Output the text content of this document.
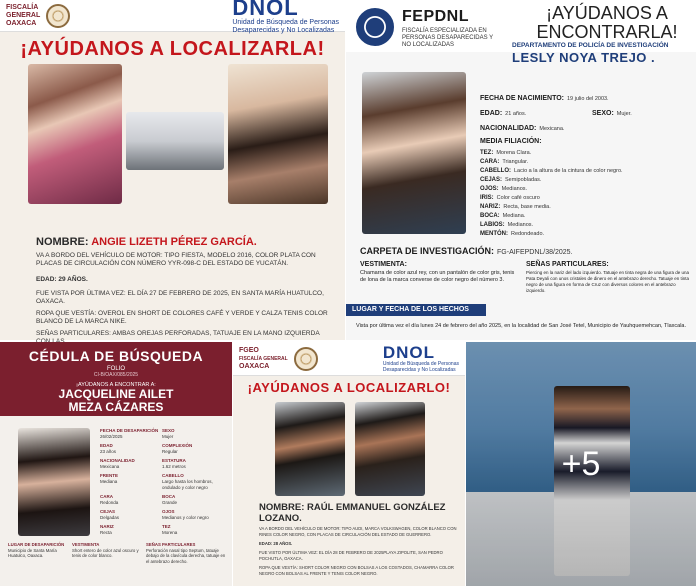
FISCALÍA
GENERAL
OAXACA
DNOL
Unidad de Búsqueda de Personas
Desaparecidas y No Localizadas
¡AYÚDANOS A LOCALIZARLA!
NOMBRE: ANGIE LIZETH PÉREZ GARCÍA.
VA A BORDO DEL VEHÍCULO DE MOTOR: TIPO FIESTA, MODELO 2016, COLOR PLATA CON PLACAS DE CIRCULACIÓN CON NÚMERO YYR-098-C DEL ESTADO DE YUCATÁN.
EDAD: 29 AÑOS.
FUE VISTA POR ÚLTIMA VEZ: EL DÍA 27 DE FEBRERO DE 2025, EN SANTA MARÍA HUATULCO, OAXACA.
ROPA QUE VESTÍA: OVEROL EN SHORT DE COLORES CAFÉ Y VERDE Y CALZA TENIS COLOR BLANCO DE LA MARCA NIKE.
SEÑAS PARTICULARES: AMBAS OREJAS PERFORADAS, TATUAJE EN LA MANO IZQUIERDA
FEPDNL
FISCALÍA ESPECIALIZADA EN PERSONAS DESAPARECIDAS Y NO LOCALIZADAS
¡AYÚDANOS A ENCONTRARLA!
DEPARTAMENTO DE POLICÍA DE INVESTIGACIÓN
LESLY NOYA TREJO .
FECHA DE NACIMIENTO: 19 julio del 2003.
EDAD: 21 años.	SEXO: Mujer.
NACIONALIDAD: Mexicana.
MEDIA FILIACIÓN:
TEZ: Morena Clara.
CARA: Triangular.
CABELLO: Lacio a la altura de la cintura de color negro.
CEJAS: Semipobladas.
OJOS: Medianos.
IRIS: Color café oscuro
NARIZ: Recta, base media.
BOCA: Mediana.
LABIOS: Medianos.
MENTÓN: Redondeado.
CARPETA DE INVESTIGACIÓN: FG-AIFEPDNL/38/2025.
VESTIMENTA:
Chamarra de color azul rey, con un pantalón de color gris, tenis de lona de la marca converse de color negro del número 3.
SEÑAS PARTICULARES:
Piercing en la nariz del lado izquierdo. Tatuaje en tinta negra de una figura de una Pata Deyali con unos cristales de dinero en el antebrazo derecho. Tatuaje en tinta negro de una figura en forma de Cruz con diversos colores en el antebrazo izquierdo.
LUGAR Y FECHA DE LOS HECHOS
Vista por última vez el día lunes 24 de febrero del año 2025, en la localidad de San José Tetel, Municipio de Yauhquemehcan, Tlaxcala.
CÉDULA DE BÚSQUEDA
FOLIO
CI-B/OAX/085/2025
¡AYÚDANOS A ENCONTRAR A:
JACQUELINE AILET
MEZA CÁZARES
FECHA DE DESAPARICIÓN
26/02/2025
SEXO
Mujer
EDAD
23 años
COMPLEXIÓN
Regular
NACIONALIDAD
Mexicana
ESTATURA
1.62 metros
FRENTE
Mediana
CABELLO
Largo hasta los hombros, ondulado y color negro
CARA
Redonda
BOCA
Grande
CEJAS
Delgadas
OJOS
Medianos y color negro
NARIZ
Recta
TEZ
Morena
LUGAR DE DESAPARICIÓN
Municipio de Santa María Huatulco, Oaxaca.
VESTIMENTA
Short entero de color azul oscuro y tenis de color blanco.
SEÑAS PARTICULARES
Perforación nasal tipo Septum, tatuaje debajo de la clavícula derecha, tatuaje en el antebrazo derecho.
FGEO
FISCALÍA GENERAL
OAXACA
DNOL
Unidad de Búsqueda de Personas
Desaparecidas y No Localizadas
¡AYÚDANOS A LOCALIZARLO!
NOMBRE: RAÚL EMMANUEL GONZÁLEZ
LOZANO.
VA A BORDO DEL VEHÍCULO DE MOTOR: TIPO AUDI, MARCA VOLKSWAGEN, COLOR BLANCO CON RINES COLOR NEGRO, CON PLACAS DE CIRCULACIÓN DEL ESTADO DE GUERRERO.
EDAD: 28 AÑOS.
FUE VISTO POR ÚLTIMA VEZ: EL DÍA 28 DE FEBRERO DE 2025PLAYA ZIPOLITE, SAN PEDRO POCHUTLA, OAXACA.
ROPA QUE VESTÍA: SHORT COLOR NEGRO CON BOLSAS A LOS COSTADOS, CHAMARRA COLOR NEGRO CON BOLSAS AL FRENTE Y TENIS COLOR NEGRO.
+5
